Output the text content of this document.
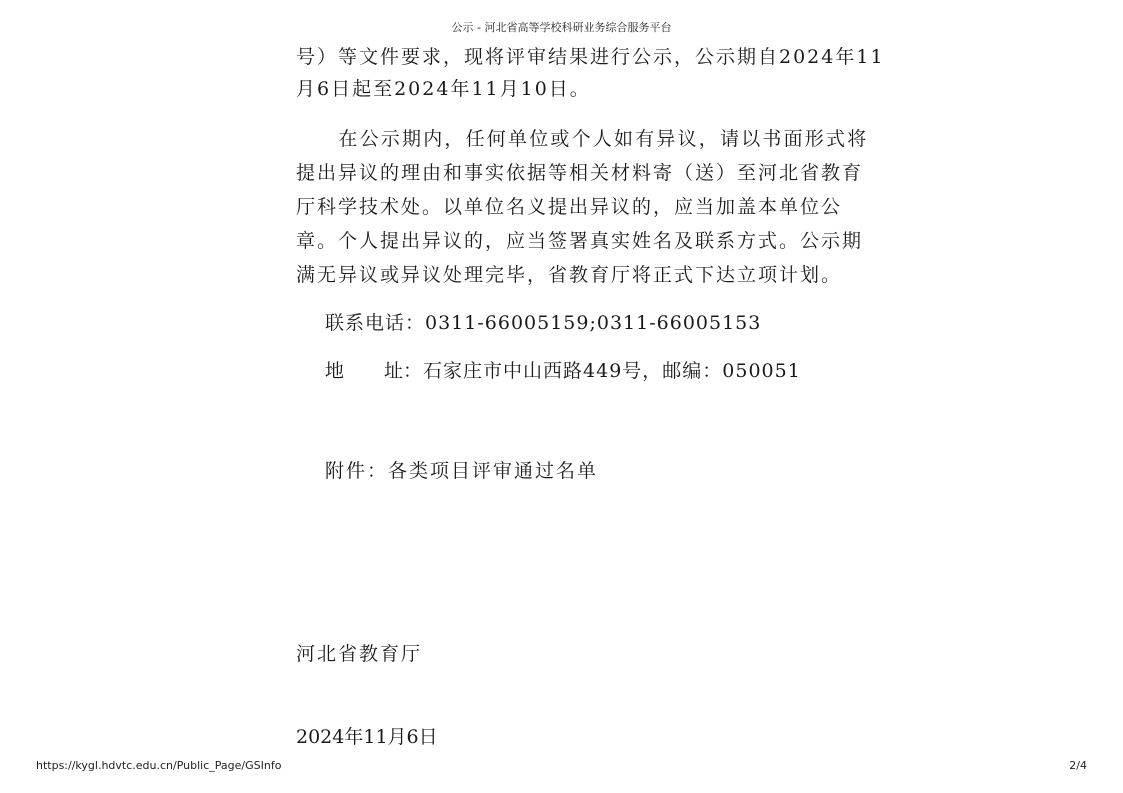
公示 - 河北省高等学校科研业务综合服务平台
号）等文件要求，现将评审结果进行公示，公示期自2024年11
月6日起至2024年11月10日。
　　在公示期内，任何单位或个人如有异议，请以书面形式将
提出异议的理由和事实依据等相关材料寄（送）至河北省教育
厅科学技术处。以单位名义提出异议的，应当加盖本单位公
章。个人提出异议的，应当签署真实姓名及联系方式。公示期
满无异议或异议处理完毕，省教育厅将正式下达立项计划。
联系电话：0311-66005159;0311-66005153
地 址：石家庄市中山西路449号，邮编：050051
附件：各类项目评审通过名单
河北省教育厅
2024年11月6日
https://kygl.hdvtc.edu.cn/Public_Page/GSInfo	2/4
